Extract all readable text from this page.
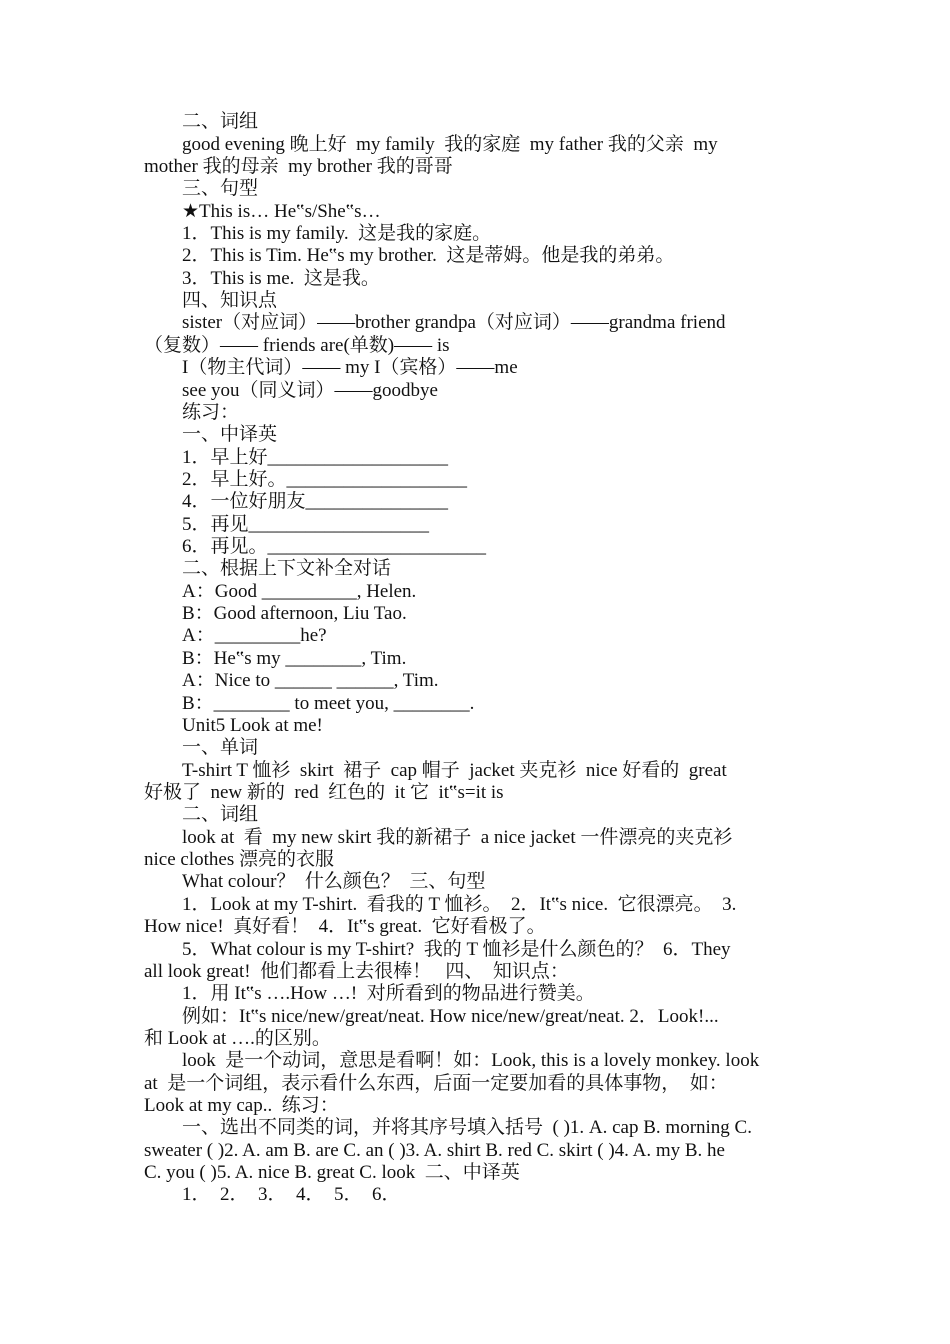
二、词组

good evening 晚上好  my family  我的家庭  my father 我的父亲  my

mother 我的母亲  my brother 我的哥哥

三、句型

★This is… He‟s/She‟s…

1．This is my family.  这是我的家庭。

2．This is Tim. He‟s my brother.  这是蒂姆。他是我的弟弟。

3．This is me.  这是我。

四、知识点

sister（对应词）——brother grandpa（对应词）——grandma friend

（复数）—— friends are(单数)—— is

I（物主代词）—— my I（宾格）——me

see you（同义词）——goodbye

练习：

一、中译英

1．早上好___________________

2．早上好。___________________

4．一位好朋友_______________

5．再见___________________

6．再见。_______________________

二、根据上下文补全对话

A：Good __________, Helen.

B：Good afternoon, Liu Tao.

A：_________he?

B：He‟s my ________, Tim.

A：Nice to ______ ______, Tim.

B：________ to meet you, ________.

Unit5 Look at me!

一、单词

T-shirt T 恤衫  skirt  裙子  cap 帽子  jacket 夹克衫  nice 好看的  great

好极了  new 新的  red  红色的  it 它  it‟s=it is

二、词组

look at  看  my new skirt 我的新裙子  a nice jacket 一件漂亮的夹克衫

nice clothes 漂亮的衣服

What colour？  什么颜色？  三、句型

1．Look at my T-shirt.  看我的 T 恤衫。  2．It‟s nice.  它很漂亮。  3.

How nice!  真好看！  4．It‟s great.  它好看极了。

5．What colour is my T-shirt?  我的 T 恤衫是什么颜色的？  6．They

all look great!  他们都看上去很棒！   四、  知识点：

1．用 It‟s ….How …!  对所看到的物品进行赞美。

例如：It‟s nice/new/great/neat. How nice/new/great/neat. 2．Look!...

和 Look at ….的区别。

look  是一个动词，意思是看啊！如：Look, this is a lovely monkey. look

at  是一个词组，表示看什么东西，后面一定要加看的具体事物，  如：

Look at my cap..  练习：

一、选出不同类的词，并将其序号填入括号  ( )1. A. cap B. morning C.

sweater ( )2. A. am B. are C. an ( )3. A. shirt B. red C. skirt ( )4. A. my B. he

C. you ( )5. A. nice B. great C. look  二、中译英

1．  2．  3．  4．  5．  6．
